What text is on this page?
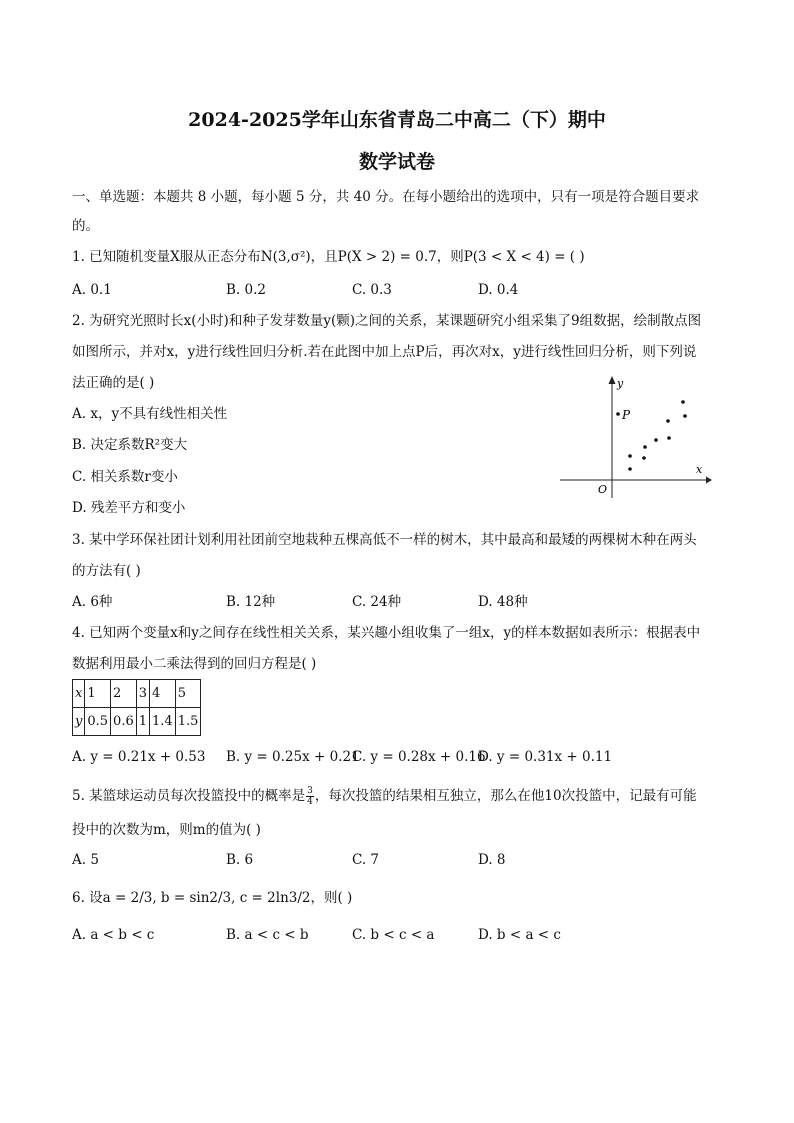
2024-2025学年山东省青岛二中高二（下）期中
数学试卷
一、单选题：本题共 8 小题，每小题 5 分，共 40 分。在每小题给出的选项中，只有一项是符合题目要求
的。
1. 已知随机变量X服从正态分布N(3,σ²)，且P(X > 2) = 0.7，则P(3 < X < 4) = ( )
A. 0.1	B. 0.2	C. 0.3	D. 0.4
2. 为研究光照时长x(小时)和种子发芽数量y(颗)之间的关系，某课题研究小组采集了9组数据，绘制散点图
如图所示，并对x，y进行线性回归分析.若在此图中加上点P后，再次对x，y进行线性回归分析，则下列说
法正确的是( )
A. x，y不具有线性相关性
B. 决定系数R²变大
C. 相关系数r变小
D. 残差平方和变小
x
y
O
P
3. 某中学环保社团计划利用社团前空地栽种五棵高低不一样的树木，其中最高和最矮的两棵树木种在两头
的方法有( )
A. 6种	B. 12种	C. 24种	D. 48种
4. 已知两个变量x和y之间存在线性相关关系，某兴趣小组收集了一组x，y的样本数据如表所示：根据表中
数据利用最小二乘法得到的回归方程是( )
x	1	2	3	4	5
y	0.5	0.6	1	1.4	1.5
A. y = 0.21x + 0.53 B. y = 0.25x + 0.21
C. y = 0.28x + 0.16
D. y = 0.31x + 0.11
5. 某篮球运动员每次投篮投中的概率是 $\frac{3}{4}$ ，每次投篮的结果相互独立，那么在他10次投篮中，记最有可能
投中的次数为m，则m的值为( )
A. 5	B. 6	C. 7	D. 8
6. 设a = 2/3, b = sin2/3, c = 2ln3/2，则( )
A. a < b < c	B. a < c < b	C. b < c < a	D. b < a < c
